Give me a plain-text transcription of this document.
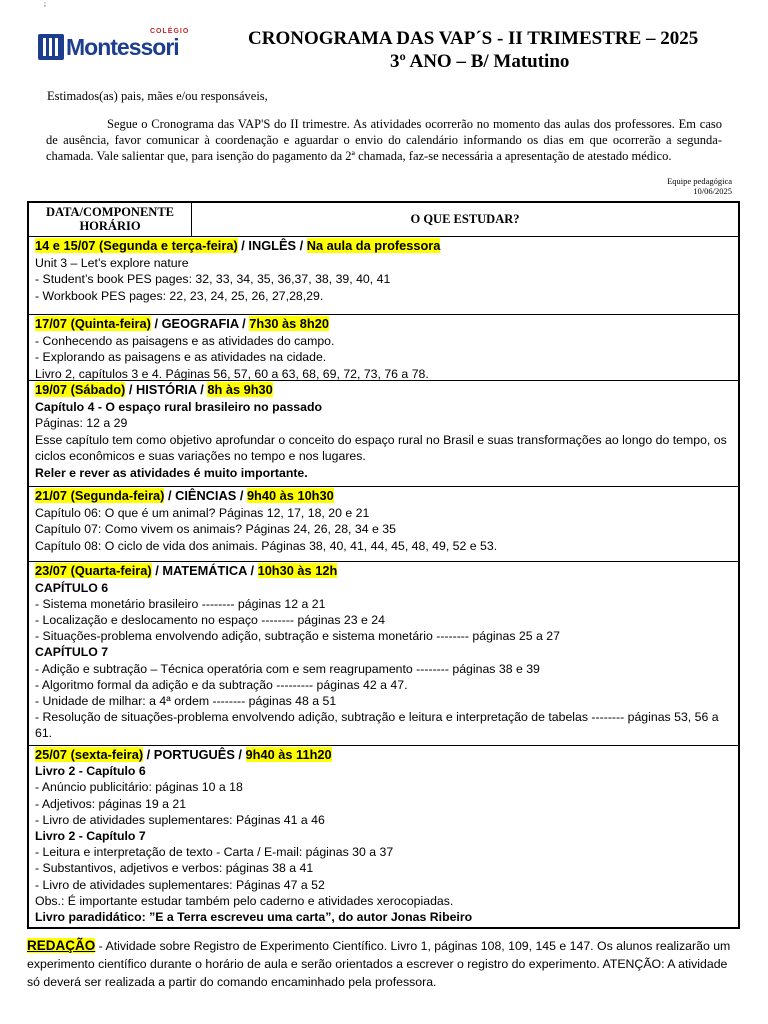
;
COLÉGIO
Montessori	CRONOGRAMA DAS VAP´S - II TRIMESTRE – 2025
3º ANO – B/ Matutino
Estimados(as) pais, mães e/ou responsáveis,
Segue o Cronograma das VAP'S do II trimestre. As atividades ocorrerão no momento das aulas dos professores. Em caso de ausência, favor comunicar à coordenação e aguardar o envio do calendário informando os dias em que ocorrerão a segunda-chamada. Vale salientar que, para isenção do pagamento da 2ª chamada, faz-se necessária a apresentação de atestado médico.
Equipe pedagógica
10/06/2025
DATA/COMPONENTE HORÁRIO	O QUE ESTUDAR?
14 e 15/07 (Segunda e terça-feira) / INGLÊS / Na aula da professora
Unit 3 – Let’s explore nature
- Student’s book PES pages: 32, 33, 34, 35, 36,37, 38, 39, 40, 41
- Workbook PES pages: 22, 23, 24, 25, 26, 27,28,29.
17/07 (Quinta-feira) / GEOGRAFIA / 7h30 às 8h20
- Conhecendo as paisagens e as atividades do campo.
- Explorando as paisagens e as atividades na cidade.
Livro 2, capítulos 3 e 4. Páginas 56, 57, 60 a 63, 68, 69, 72, 73, 76 a 78.
19/07 (Sábado) / HISTÓRIA / 8h às 9h30
Capítulo 4 - O espaço rural brasileiro no passado
Páginas: 12 a 29
Esse capítulo tem como objetivo aprofundar o conceito do espaço rural no Brasil e suas transformações ao longo do tempo, os ciclos econômicos e suas variações no tempo e nos lugares.
Reler e rever as atividades é muito importante.
21/07 (Segunda-feira) / CIÊNCIAS / 9h40 às 10h30
Capítulo 06: O que é um animal? Páginas 12, 17, 18, 20 e 21
Capítulo 07: Como vivem os animais? Páginas 24, 26, 28, 34 e 35
Capítulo 08: O ciclo de vida dos animais. Páginas 38, 40, 41, 44, 45, 48, 49, 52 e 53.
23/07 (Quarta-feira) / MATEMÁTICA / 10h30 às 12h
CAPÍTULO 6
- Sistema monetário brasileiro -------- páginas 12 a 21
- Localização e deslocamento no espaço -------- páginas 23 e 24
- Situações-problema envolvendo adição, subtração e sistema monetário -------- páginas 25 a 27
CAPÍTULO 7
- Adição e subtração – Técnica operatória com e sem reagrupamento -------- páginas 38 e 39
- Algoritmo formal da adição e da subtração --------- páginas 42 a 47.
- Unidade de milhar: a 4ª ordem -------- páginas 48 a 51
- Resolução de situações-problema envolvendo adição, subtração e leitura e interpretação de tabelas -------- páginas 53, 56 a 61.
25/07 (sexta-feira) / PORTUGUÊS / 9h40 às 11h20
Livro 2 - Capítulo 6
- Anúncio publicitário: páginas 10 a 18
- Adjetivos: páginas 19 a 21
- Livro de atividades suplementares: Páginas 41 a 46
Livro 2 - Capítulo 7
- Leitura e interpretação de texto - Carta / E-mail: páginas 30 a 37
- Substantivos, adjetivos e verbos: páginas 38 a 41
- Livro de atividades suplementares: Páginas 47 a 52
Obs.: É importante estudar também pelo caderno e atividades xerocopiadas.
Livro paradidático: ”E a Terra escreveu uma carta”, do autor Jonas Ribeiro
REDAÇÃO - Atividade sobre Registro de Experimento Científico. Livro 1, páginas 108, 109, 145 e 147. Os alunos realizarão um experimento científico durante o horário de aula e serão orientados a escrever o registro do experimento. ATENÇÃO: A atividade só deverá ser realizada a partir do comando encaminhado pela professora.
